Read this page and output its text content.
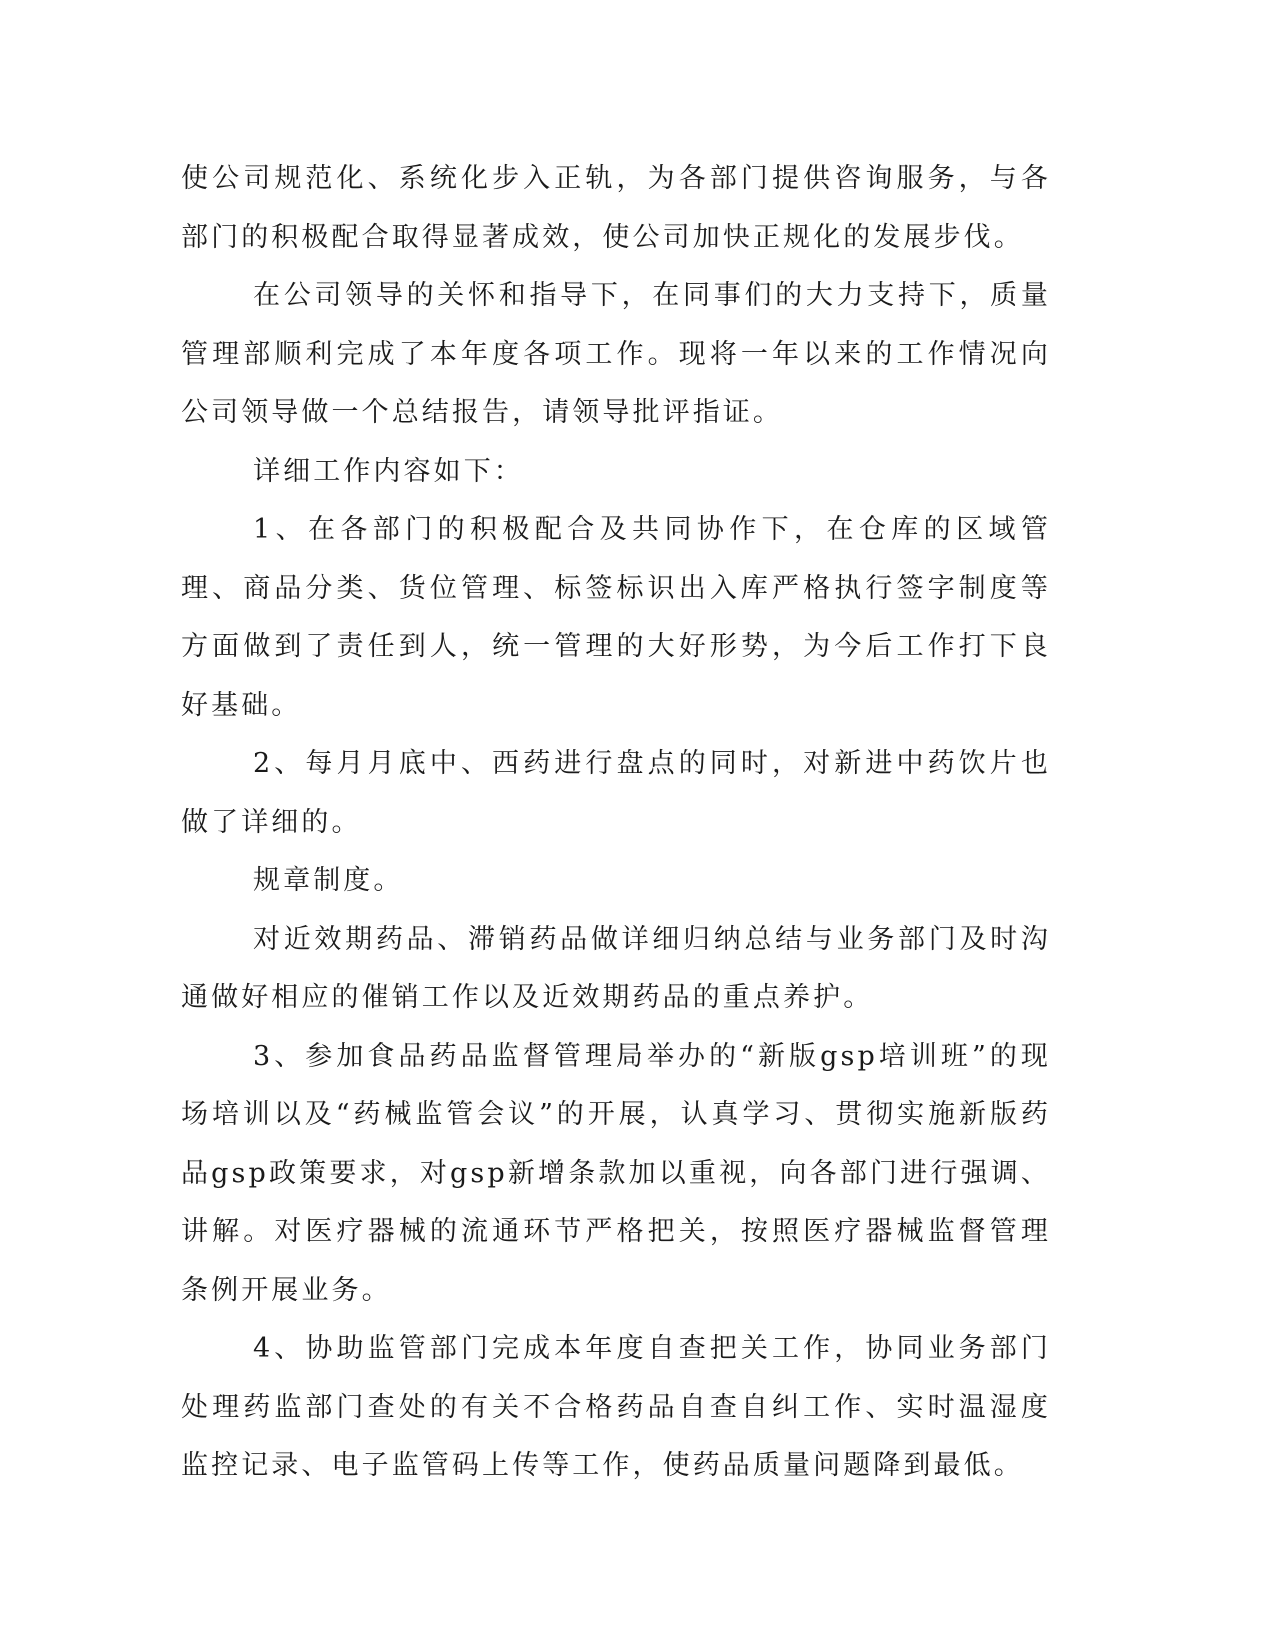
使公司规范化、系统化步入正轨，为各部门提供咨询服务，与各部门的积极配合取得显著成效，使公司加快正规化的发展步伐。

在公司领导的关怀和指导下，在同事们的大力支持下，质量管理部顺利完成了本年度各项工作。现将一年以来的工作情况向公司领导做一个总结报告，请领导批评指证。

详细工作内容如下：

1、在各部门的积极配合及共同协作下，在仓库的区域管理、商品分类、货位管理、标签标识出入库严格执行签字制度等方面做到了责任到人，统一管理的大好形势，为今后工作打下良好基础。

2、每月月底中、西药进行盘点的同时，对新进中药饮片也做了详细的。

规章制度。

对近效期药品、滞销药品做详细归纳总结与业务部门及时沟通做好相应的催销工作以及近效期药品的重点养护。

3、参加食品药品监督管理局举办的“新版gsp培训班”的现场培训以及“药械监管会议”的开展，认真学习、贯彻实施新版药品gsp政策要求，对gsp新增条款加以重视，向各部门进行强调、讲解。对医疗器械的流通环节严格把关，按照医疗器械监督管理条例开展业务。

4、协助监管部门完成本年度自查把关工作，协同业务部门处理药监部门查处的有关不合格药品自查自纠工作、实时温湿度监控记录、电子监管码上传等工作，使药品质量问题降到最低。
